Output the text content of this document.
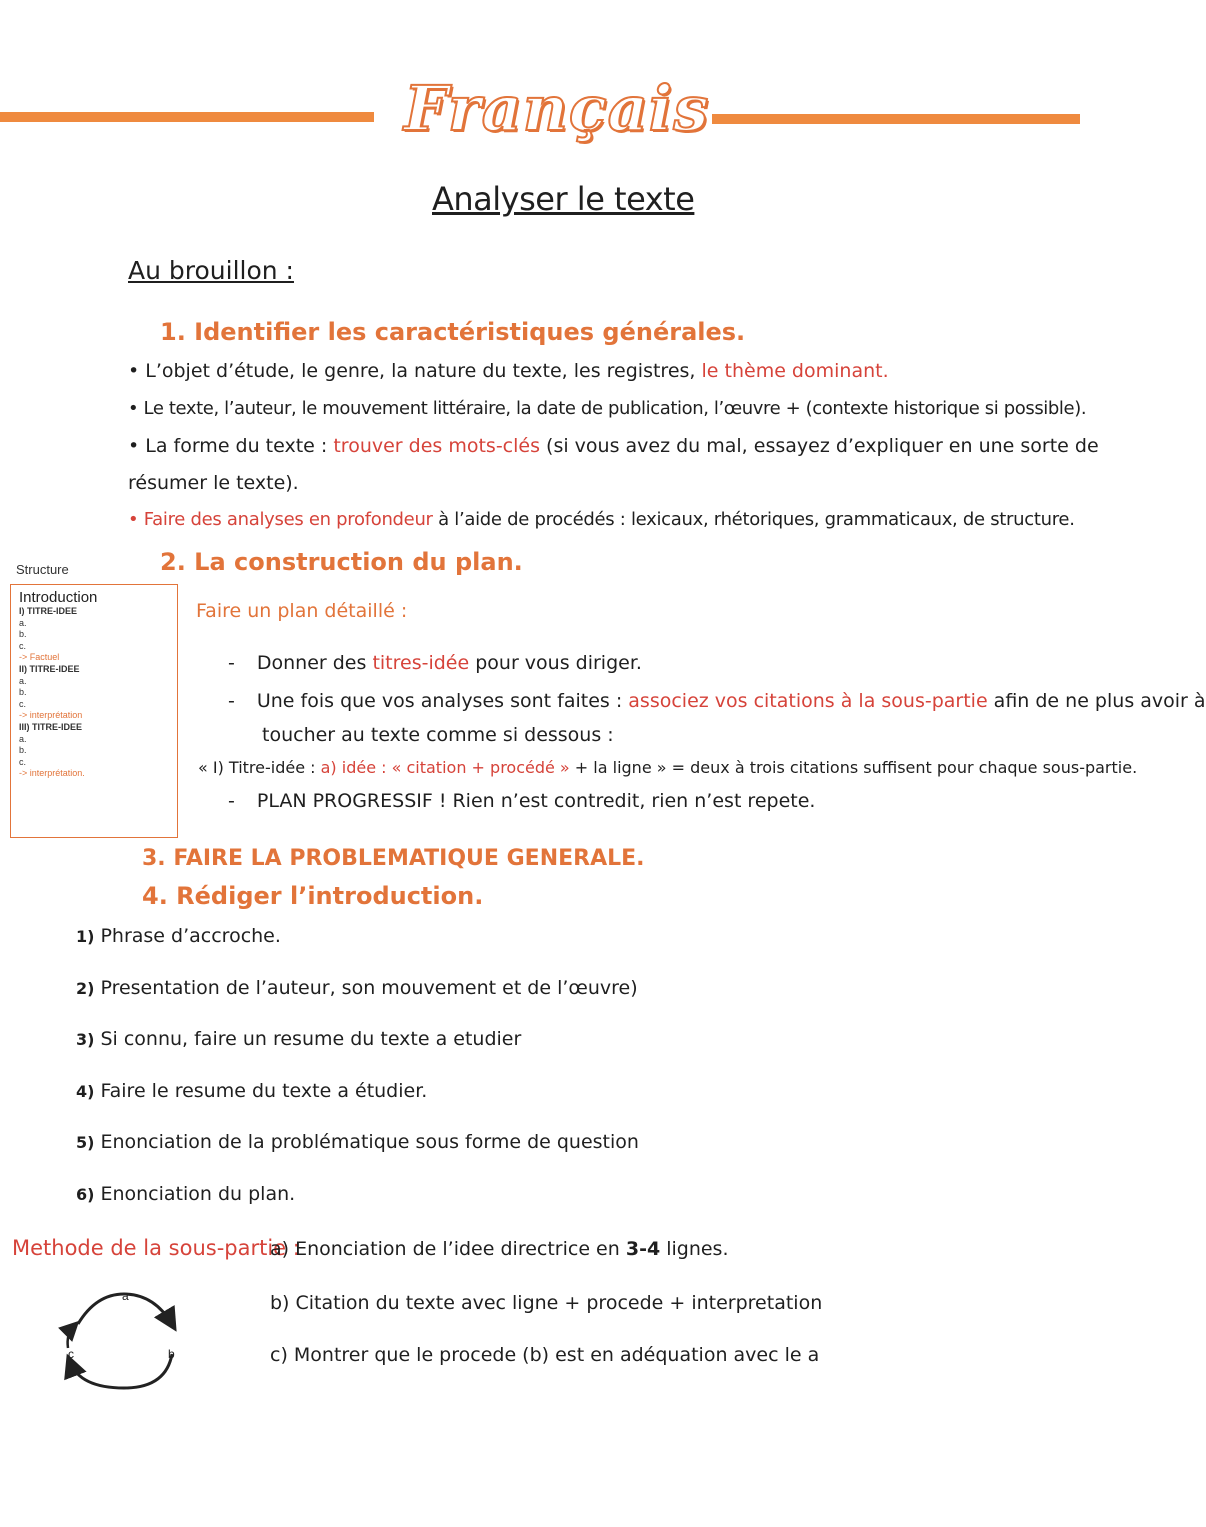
Français
Analyser le texte
Au brouillon :
1. Identifier les caractéristiques générales.
• L’objet d’étude, le genre, la nature du texte, les registres, le thème dominant.
• Le texte, l’auteur, le mouvement littéraire, la date de publication, l’œuvre + (contexte historique si possible).
• La forme du texte : trouver des mots-clés (si vous avez du mal, essayez d’expliquer en une sorte de
résumer le texte).
• Faire des analyses en profondeur à l’aide de procédés : lexicaux, rhétoriques, grammaticaux, de structure.
2. La construction du plan.
Faire un plan détaillé :
- Donner des titres-idée pour vous diriger.
- Une fois que vos analyses sont faites : associez vos citations à la sous-partie afin de ne plus avoir à
toucher au texte comme si dessous :
« I) Titre-idée : a) idée : « citation + procédé » + la ligne » = deux à trois citations suffisent pour chaque sous-partie.
- PLAN PROGRESSIF ! Rien n’est contredit, rien n’est repete.
Structure
Introduction
I) TITRE-IDEE
a.
b.
c.
-> Factuel
II) TITRE-IDEE
a.
b.
c.
-> interprétation
III) TITRE-IDEE
a.
b.
c.
-> interprétation.
3. FAIRE LA PROBLEMATIQUE GENERALE.
4. Rédiger l’introduction.
1) Phrase d’accroche.
2) Presentation de l’auteur, son mouvement et de l’œuvre)
3) Si connu, faire un resume du texte a etudier
4) Faire le resume du texte a étudier.
5) Enonciation de la problématique sous forme de question
6) Enonciation du plan.
Methode de la sous-partie :
a) Enonciation de l’idee directrice en 3-4 lignes.
b) Citation du texte avec ligne + procede + interpretation
c) Montrer que le procede (b) est en adéquation avec le a
a
b
c
